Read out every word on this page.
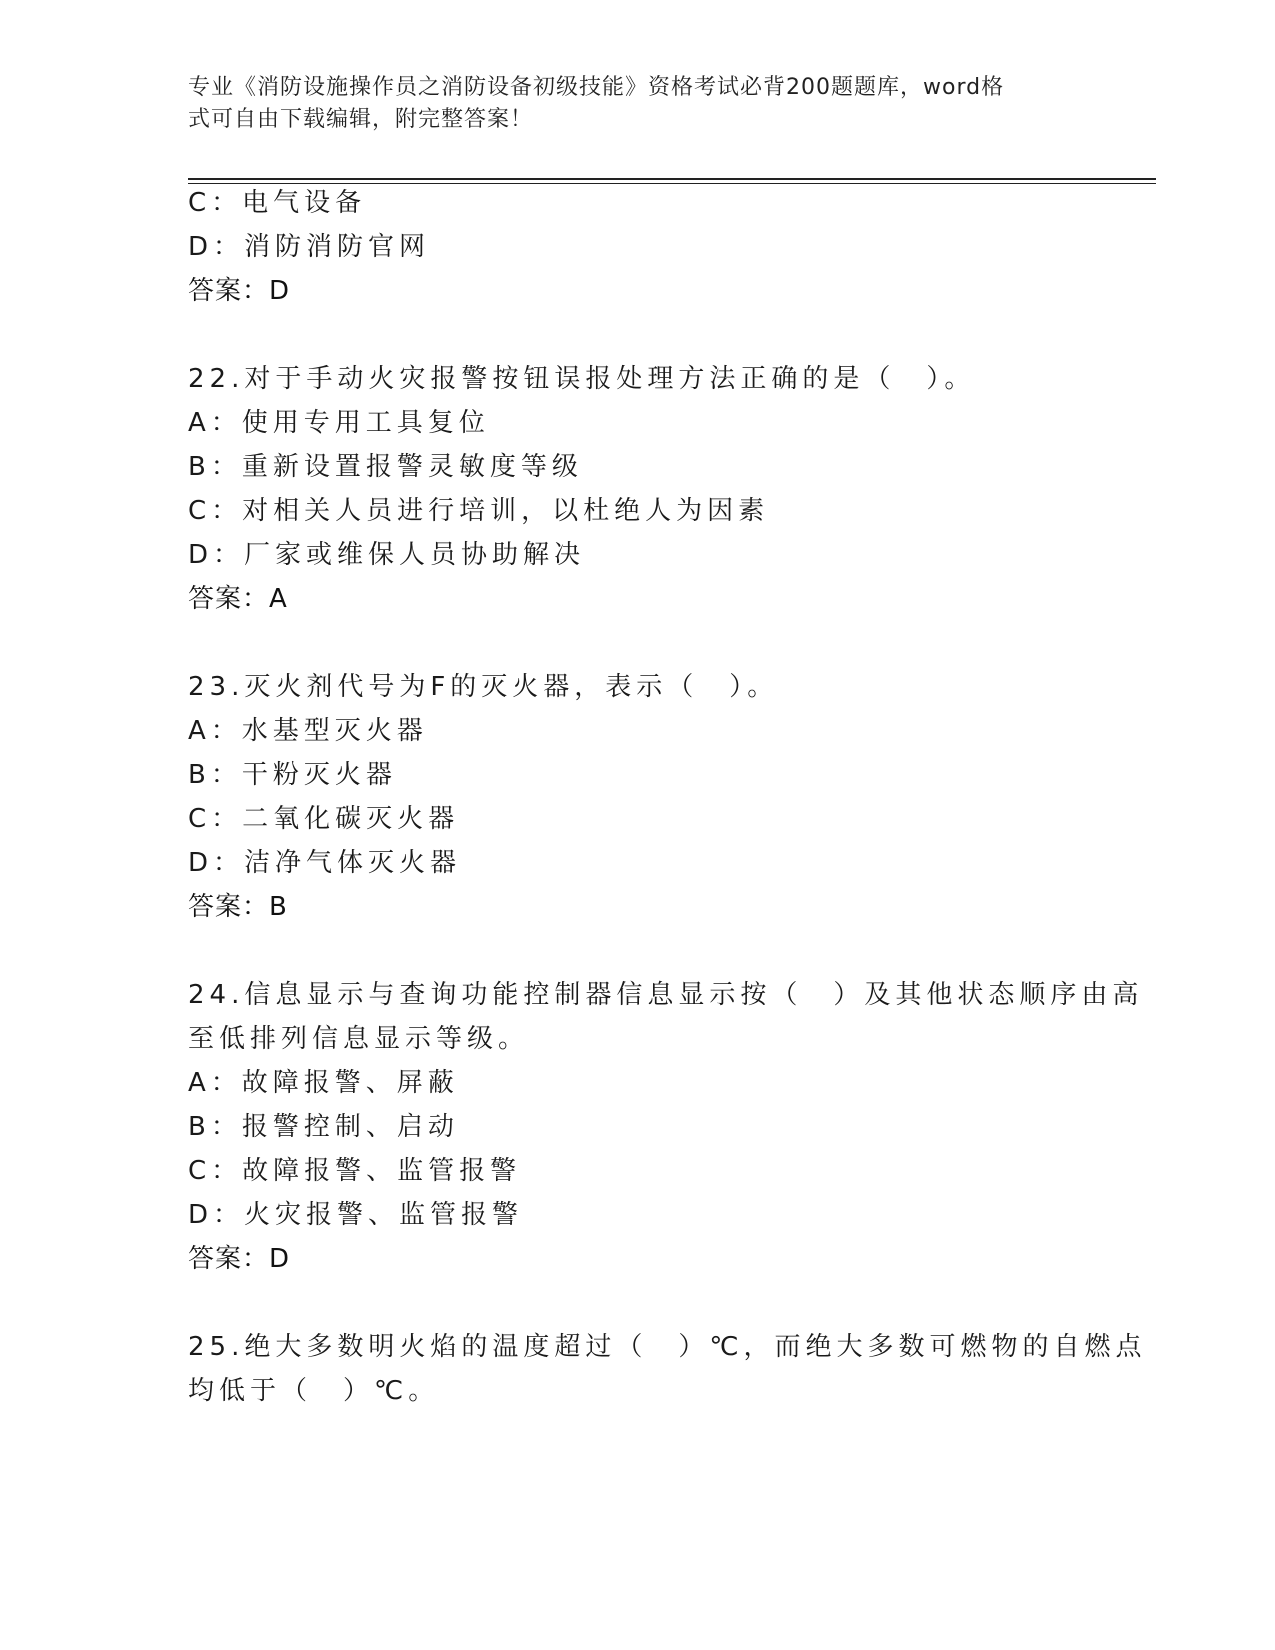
专业《消防设施操作员之消防设备初级技能》资格考试必背200题题库，word格
式可自由下载编辑，附完整答案！
C：电气设备
D：消防消防官网
答案：D
22.对于手动火灾报警按钮误报处理方法正确的是（　）。
A：使用专用工具复位
B：重新设置报警灵敏度等级
C：对相关人员进行培训，以杜绝人为因素
D：厂家或维保人员协助解决
答案：A
23.灭火剂代号为F的灭火器，表示（　）。
A：水基型灭火器
B：干粉灭火器
C：二氧化碳灭火器
D：洁净气体灭火器
答案：B
24.信息显示与查询功能控制器信息显示按（　）及其他状态顺序由高
至低排列信息显示等级。
A：故障报警、屏蔽
B：报警控制、启动
C：故障报警、监管报警
D：火灾报警、监管报警
答案：D
25.绝大多数明火焰的温度超过（　）℃，而绝大多数可燃物的自燃点
均低于（　）℃。
